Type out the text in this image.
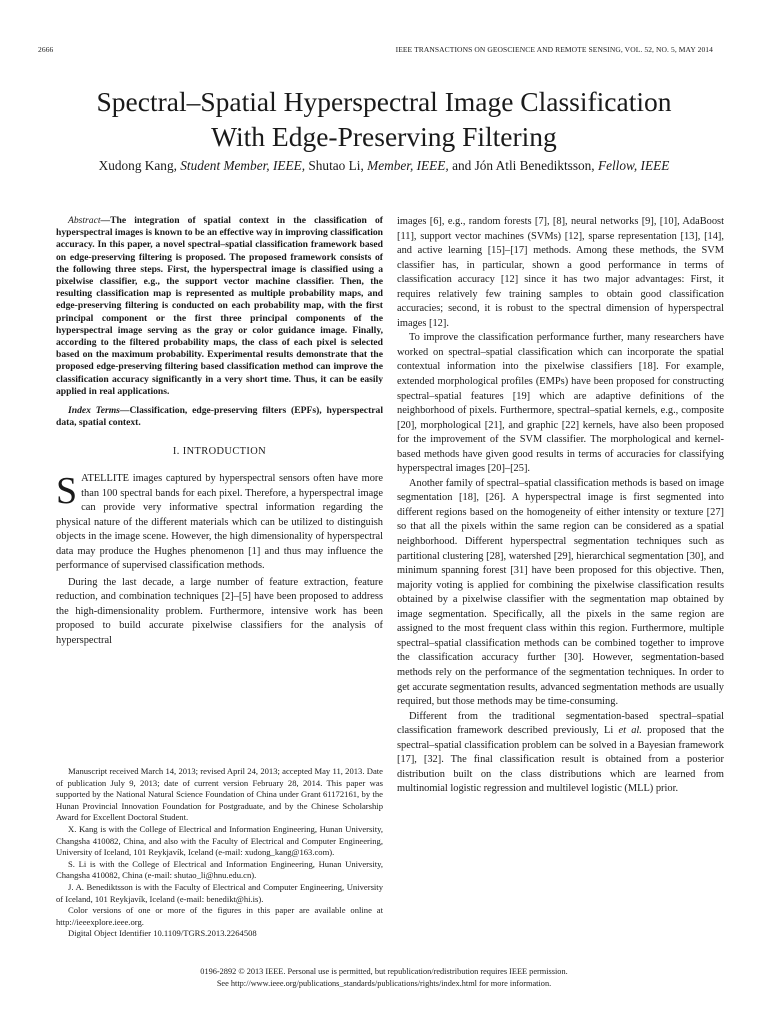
2666	IEEE TRANSACTIONS ON GEOSCIENCE AND REMOTE SENSING, VOL. 52, NO. 5, MAY 2014
Spectral–Spatial Hyperspectral Image Classification
With Edge-Preserving Filtering
Xudong Kang, Student Member, IEEE, Shutao Li, Member, IEEE, and Jón Atli Benediktsson, Fellow, IEEE

Abstract—The integration of spatial context in the classification of hyperspectral images is known to be an effective way in improving classification accuracy. In this paper, a novel spectral–spatial classification framework based on edge-preserving filtering is proposed. The proposed framework consists of the following three steps. First, the hyperspectral image is classified using a pixelwise classifier, e.g., the support vector machine classifier. Then, the resulting classification map is represented as multiple probability maps, and edge-preserving filtering is conducted on each probability map, with the first principal component or the first three principal components of the hyperspectral image serving as the gray or color guidance image. Finally, according to the filtered probability maps, the class of each pixel is selected based on the maximum probability. Experimental results demonstrate that the proposed edge-preserving filtering based classification method can improve the classification accuracy significantly in a very short time. Thus, it can be easily applied in real applications.

Index Terms—Classification, edge-preserving filters (EPFs), hyperspectral data, spatial context.

I. INTRODUCTION

SATELLITE images captured by hyperspectral sensors often have more than 100 spectral bands for each pixel. Therefore, a hyperspectral image can provide very informative spectral information regarding the physical nature of the different materials which can be utilized to distinguish objects in the image scene. However, the high dimensionality of hyperspectral data may produce the Hughes phenomenon [1] and thus may influence the performance of supervised classification methods.

During the last decade, a large number of feature extraction, feature reduction, and combination techniques [2]–[5] have been proposed to address the high-dimensionality problem. Furthermore, intensive work has been proposed to build accurate pixelwise classifiers for the analysis of hyperspectral

Manuscript received March 14, 2013; revised April 24, 2013; accepted May 11, 2013. Date of publication July 9, 2013; date of current version February 28, 2014. This paper was supported by the National Natural Science Foundation of China under Grant 61172161, by the Hunan Provincial Innovation Foundation for Postgraduate, and by the Chinese Scholarship Award for Excellent Doctoral Student.

X. Kang is with the College of Electrical and Information Engineering, Hunan University, Changsha 410082, China, and also with the Faculty of Electrical and Computer Engineering, University of Iceland, 101 Reykjavík, Iceland (e-mail: xudong_kang@163.com).

S. Li is with the College of Electrical and Information Engineering, Hunan University, Changsha 410082, China (e-mail: shutao_li@hnu.edu.cn).

J. A. Benediktsson is with the Faculty of Electrical and Computer Engineering, University of Iceland, 101 Reykjavík, Iceland (e-mail: benedikt@hi.is).

Color versions of one or more of the figures in this paper are available online at http://ieeexplore.ieee.org.

Digital Object Identifier 10.1109/TGRS.2013.2264508

images [6], e.g., random forests [7], [8], neural networks [9], [10], AdaBoost [11], support vector machines (SVMs) [12], sparse representation [13], [14], and active learning [15]–[17] methods. Among these methods, the SVM classifier has, in particular, shown a good performance in terms of classification accuracy [12] since it has two major advantages: First, it requires relatively few training samples to obtain good classification accuracies; second, it is robust to the spectral dimension of hyperspectral images [12].

To improve the classification performance further, many researchers have worked on spectral–spatial classification which can incorporate the spatial contextual information into the pixelwise classifiers [18]. For example, extended morphological profiles (EMPs) have been proposed for constructing spectral–spatial features [19] which are adaptive definitions of the neighborhood of pixels. Furthermore, spectral–spatial kernels, e.g., composite [20], morphological [21], and graphic [22] kernels, have also been proposed for the improvement of the SVM classifier. The morphological and kernel-based methods have given good results in terms of accuracies for classifying hyperspectral images [20]–[25].

Another family of spectral–spatial classification methods is based on image segmentation [18], [26]. A hyperspectral image is first segmented into different regions based on the homogeneity of either intensity or texture [27] so that all the pixels within the same region can be considered as a spatial neighborhood. Different hyperspectral segmentation techniques such as partitional clustering [28], watershed [29], hierarchical segmentation [30], and minimum spanning forest [31] have been proposed for this objective. Then, majority voting is applied for combining the pixelwise classification results obtained by a pixelwise classifier with the segmentation map obtained by image segmentation. Specifically, all the pixels in the same region are assigned to the most frequent class within this region. Furthermore, multiple spectral–spatial classification methods can be combined together to improve the classification accuracy further [30]. However, segmentation-based methods rely on the performance of the segmentation techniques. In order to get accurate segmentation results, advanced segmentation methods are usually required, but those methods may be time-consuming.

Different from the traditional segmentation-based spectral–spatial classification framework described previously, Li et al. proposed that the spectral–spatial classification problem can be solved in a Bayesian framework [17], [32]. The final classification result is obtained from a posterior distribution built on the class distributions which are learned from multinomial logistic regression and multilevel logistic (MLL) prior.

0196-2892 © 2013 IEEE. Personal use is permitted, but republication/redistribution requires IEEE permission.
See http://www.ieee.org/publications_standards/publications/rights/index.html for more information.
